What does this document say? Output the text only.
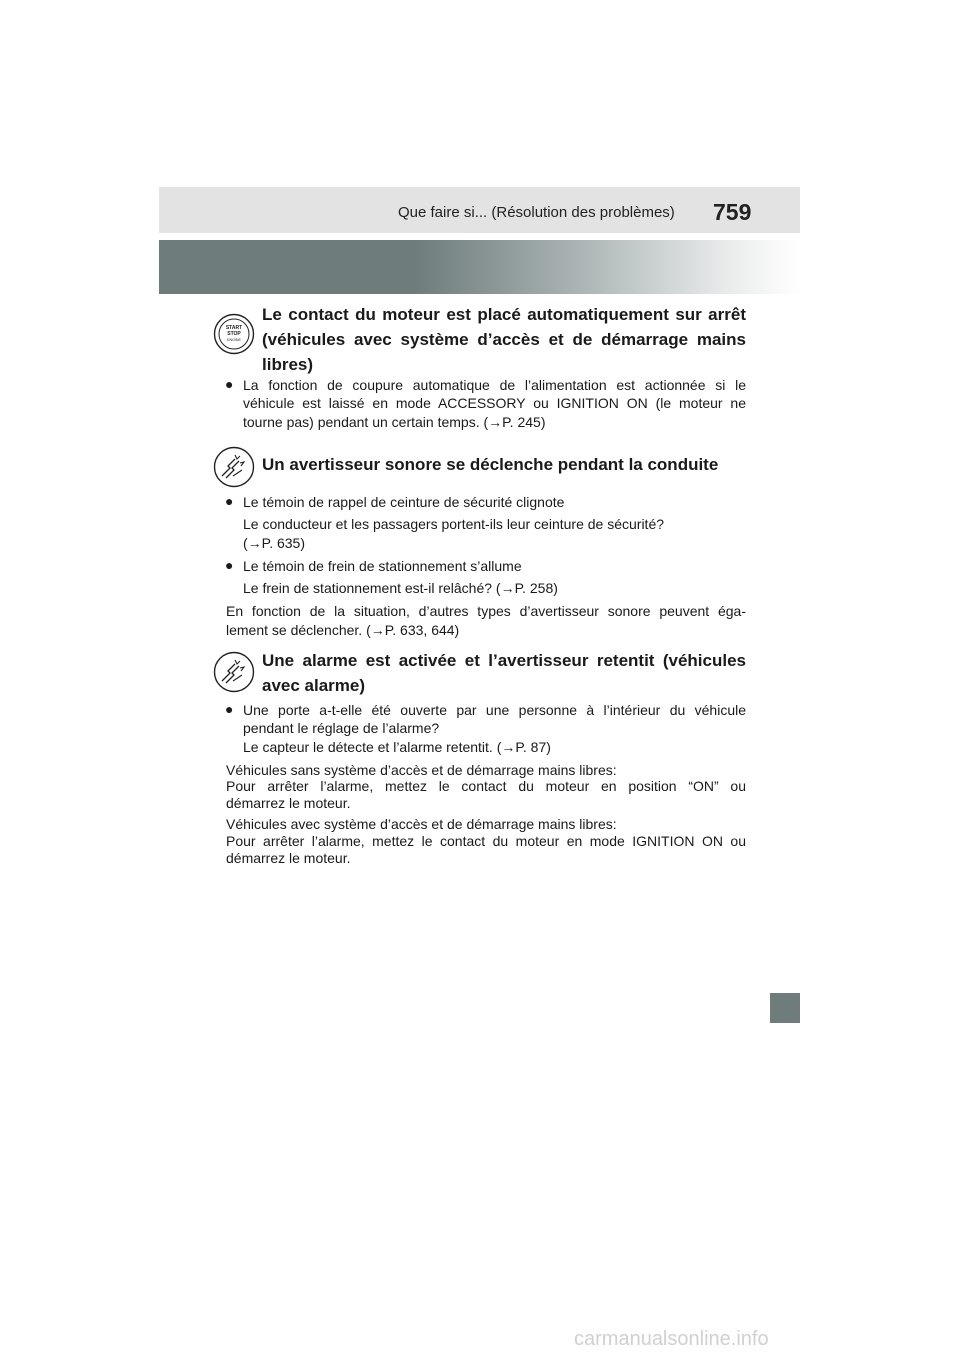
Que faire si... (Résolution des problèmes) 759
START
STOP
ENGINE
Le contact du moteur est placé automatiquement sur arrêt (véhicules avec système d’accès et de démarrage mains libres)
● La fonction de coupure automatique de l’alimentation est actionnée si le
véhicule est laissé en mode ACCESSORY ou IGNITION ON (le moteur ne
tourne pas) pendant un certain temps. (→P. 245)
Un avertisseur sonore se déclenche pendant la conduite
● Le témoin de rappel de ceinture de sécurité clignote
Le conducteur et les passagers portent-ils leur ceinture de sécurité?
(→P. 635)
● Le témoin de frein de stationnement s’allume
Le frein de stationnement est-il relâché? (→P. 258)
En fonction de la situation, d’autres types d’avertisseur sonore peuvent éga-
lement se déclencher. (→P. 633, 644)
Une alarme est activée et l’avertisseur retentit (véhicules avec alarme)
● Une porte a-t-elle été ouverte par une personne à l’intérieur du véhicule
pendant le réglage de l’alarme?
Le capteur le détecte et l’alarme retentit. (→P. 87)
Véhicules sans système d’accès et de démarrage mains libres:
Pour arrêter l’alarme, mettez le contact du moteur en position “ON” ou
démarrez le moteur.
Véhicules avec système d’accès et de démarrage mains libres:
Pour arrêter l’alarme, mettez le contact du moteur en mode IGNITION ON ou
démarrez le moteur.
carmanualsonline.info
